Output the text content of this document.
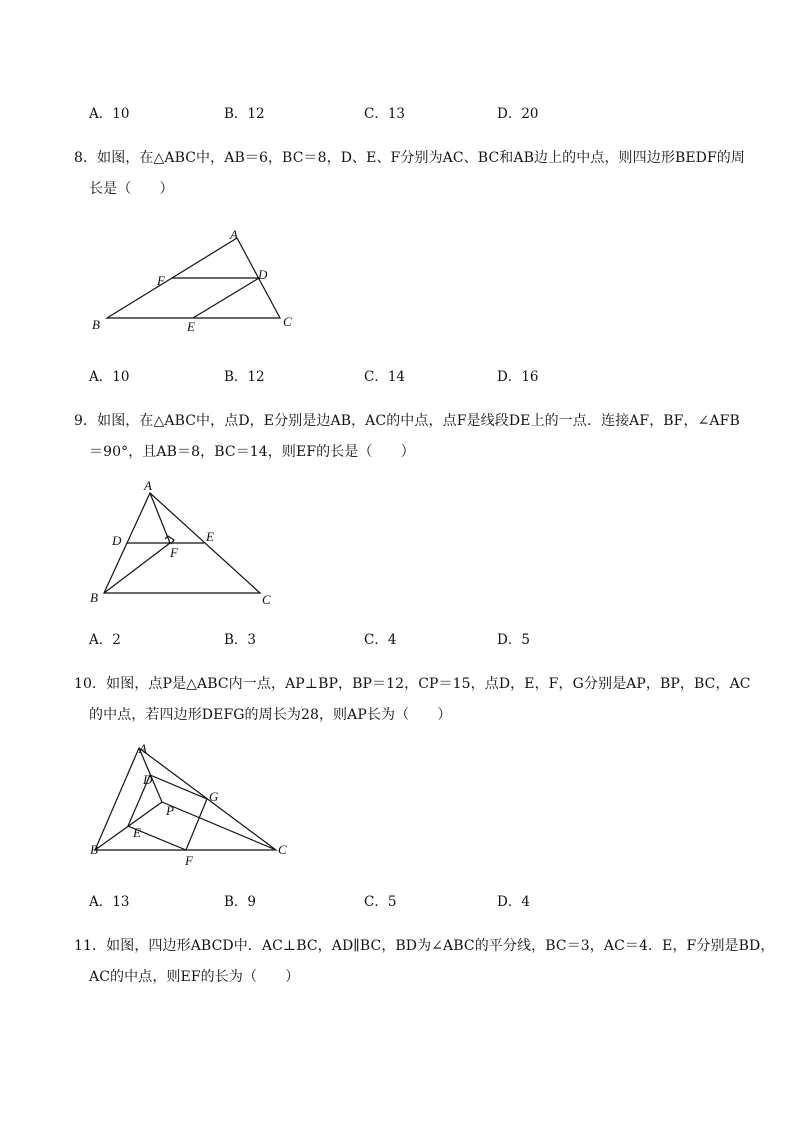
A．10	B．12	C．13	D．20
8．如图，在△ABC中，AB＝6，BC＝8，D、E、F分别为AC、BC和AB边上的中点，则四边形BEDF的周
长是（　　）
A
B	C
D
E
F
A．10	B．12	C．14	D．16
9．如图，在△ABC中，点D，E分别是边AB，AC的中点，点F是线段DE上的一点．连接AF，BF，∠AFB
＝90°，且AB＝8，BC＝14，则EF的长是（　　）
A
B	C
D	E
F
A．2	B．3	C．4	D．5
10．如图，点P是△ABC内一点，AP⊥BP，BP＝12，CP＝15，点D，E，F，G分别是AP，BP，BC，AC
的中点，若四边形DEFG的周长为28，则AP长为（　　）
A
B	C
D
E
F
G
P
A．13	B．9	C．5	D．4
11．如图，四边形ABCD中．AC⊥BC，AD∥BC，BD为∠ABC的平分线，BC＝3，AC＝4．E，F分别是BD，
AC的中点，则EF的长为（　　）
